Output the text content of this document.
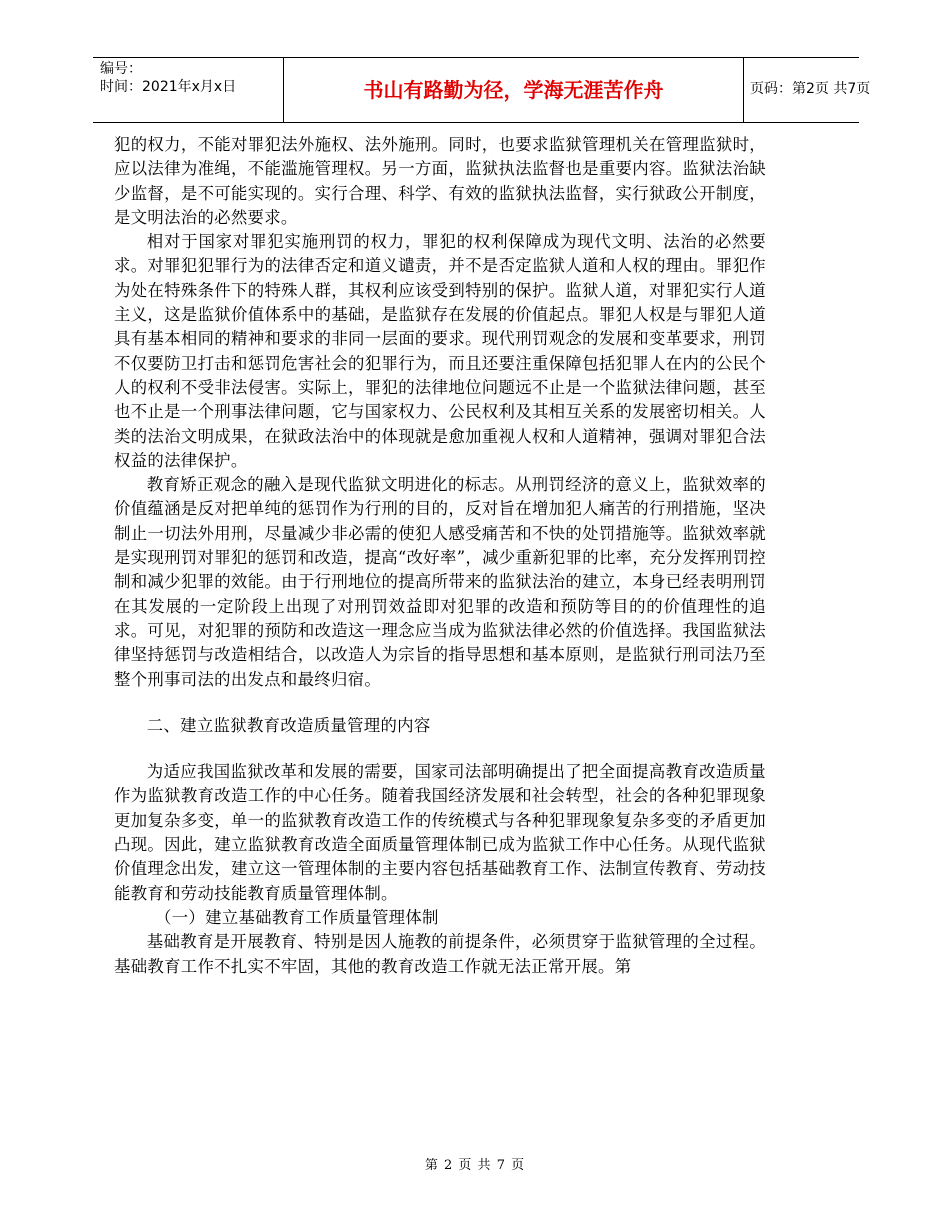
编号：
时间：2021年x月x日	书山有路勤为径，学海无涯苦作舟	页码：第2页 共7页

犯的权力，不能对罪犯法外施权、法外施刑。同时，也要求监狱管理机关在管理监狱时，应以法律为准绳，不能滥施管理权。另一方面，监狱执法监督也是重要内容。监狱法治缺少监督，是不可能实现的。实行合理、科学、有效的监狱执法监督，实行狱政公开制度，是文明法治的必然要求。

相对于国家对罪犯实施刑罚的权力，罪犯的权利保障成为现代文明、法治的必然要求。对罪犯犯罪行为的法律否定和道义谴责，并不是否定监狱人道和人权的理由。罪犯作为处在特殊条件下的特殊人群，其权利应该受到特别的保护。监狱人道，对罪犯实行人道主义，这是监狱价值体系中的基础，是监狱存在发展的价值起点。罪犯人权是与罪犯人道具有基本相同的精神和要求的非同一层面的要求。现代刑罚观念的发展和变革要求，刑罚不仅要防卫打击和惩罚危害社会的犯罪行为，而且还要注重保障包括犯罪人在内的公民个人的权利不受非法侵害。实际上，罪犯的法律地位问题远不止是一个监狱法律问题，甚至也不止是一个刑事法律问题，它与国家权力、公民权利及其相互关系的发展密切相关。人类的法治文明成果，在狱政法治中的体现就是愈加重视人权和人道精神，强调对罪犯合法权益的法律保护。

教育矫正观念的融入是现代监狱文明进化的标志。从刑罚经济的意义上，监狱效率的价值蕴涵是反对把单纯的惩罚作为行刑的目的，反对旨在增加犯人痛苦的行刑措施，坚决制止一切法外用刑，尽量减少非必需的使犯人感受痛苦和不快的处罚措施等。监狱效率就是实现刑罚对罪犯的惩罚和改造，提高“改好率”，减少重新犯罪的比率，充分发挥刑罚控制和减少犯罪的效能。由于行刑地位的提高所带来的监狱法治的建立，本身已经表明刑罚在其发展的一定阶段上出现了对刑罚效益即对犯罪的改造和预防等目的的价值理性的追求。可见，对犯罪的预防和改造这一理念应当成为监狱法律必然的价值选择。我国监狱法律坚持惩罚与改造相结合，以改造人为宗旨的指导思想和基本原则，是监狱行刑司法乃至整个刑事司法的出发点和最终归宿。

二、建立监狱教育改造质量管理的内容

为适应我国监狱改革和发展的需要，国家司法部明确提出了把全面提高教育改造质量作为监狱教育改造工作的中心任务。随着我国经济发展和社会转型，社会的各种犯罪现象更加复杂多变，单一的监狱教育改造工作的传统模式与各种犯罪现象复杂多变的矛盾更加凸现。因此，建立监狱教育改造全面质量管理体制已成为监狱工作中心任务。从现代监狱价值理念出发，建立这一管理体制的主要内容包括基础教育工作、法制宣传教育、劳动技能教育和劳动技能教育质量管理体制。

（一）建立基础教育工作质量管理体制

基础教育是开展教育、特别是因人施教的前提条件，必须贯穿于监狱管理的全过程。基础教育工作不扎实不牢固，其他的教育改造工作就无法正常开展。第

第 2 页 共 7 页
